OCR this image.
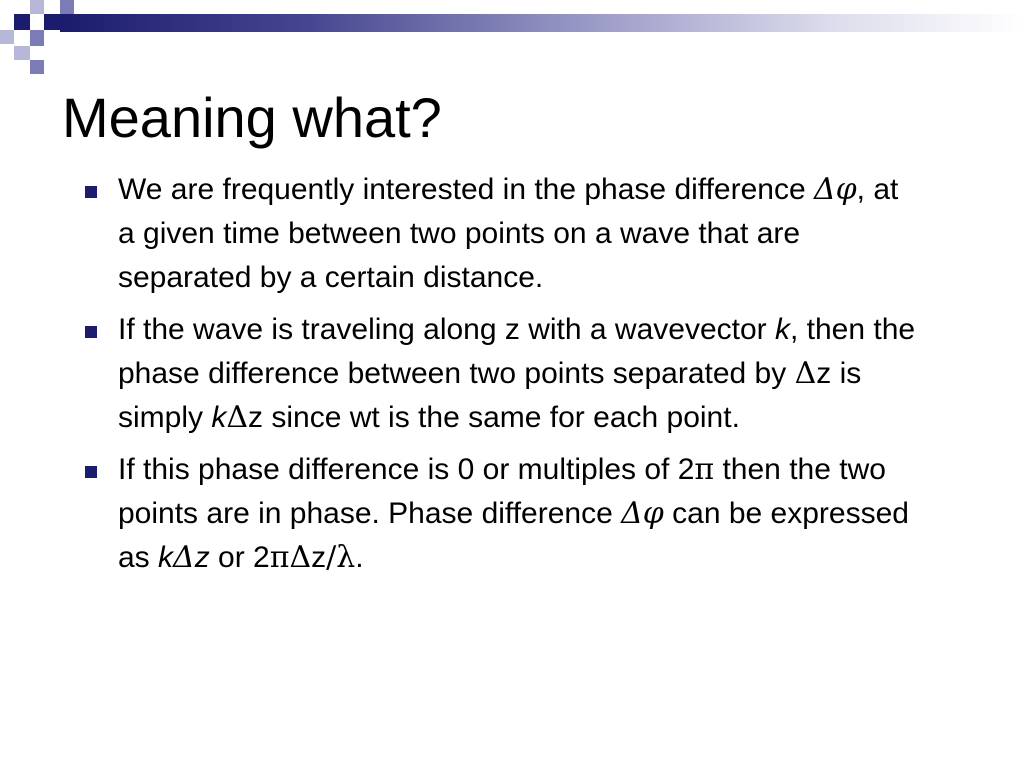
Meaning what?
We are frequently interested in the phase difference Δφ, at a given time between two points on a wave that are separated by a certain distance.
If the wave is traveling along z with a wavevector k, then the phase difference between two points separated by Δz is simply kΔz since wt is the same for each point.
If this phase difference is 0 or multiples of 2π then the two points are in phase. Phase difference Δφ can be expressed as kΔz or 2πΔz/λ.
